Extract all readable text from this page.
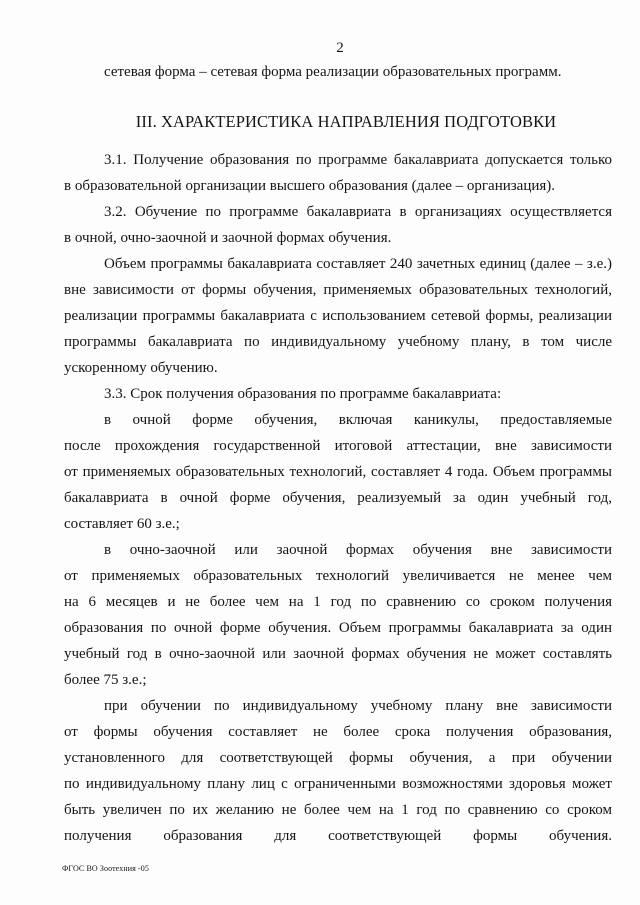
2
сетевая форма – сетевая форма реализации образовательных программ.
III. ХАРАКТЕРИСТИКА НАПРАВЛЕНИЯ ПОДГОТОВКИ
3.1. Получение образования по программе бакалавриата допускается только
в образовательной организации высшего образования (далее – организация).
3.2. Обучение по программе бакалавриата в организациях осуществляется
в очной, очно-заочной и заочной формах обучения.
Объем программы бакалавриата составляет 240 зачетных единиц (далее – з.е.)
вне зависимости от формы обучения, применяемых образовательных технологий,
реализации программы бакалавриата с использованием сетевой формы, реализации
программы бакалавриата по индивидуальному учебному плану, в том числе
ускоренному обучению.
3.3. Срок получения образования по программе бакалавриата:
в очной форме обучения, включая каникулы, предоставляемые
после прохождения государственной итоговой аттестации, вне зависимости
от применяемых образовательных технологий, составляет 4 года. Объем программы
бакалавриата в очной форме обучения, реализуемый за один учебный год,
составляет 60 з.е.;
в очно-заочной или заочной формах обучения вне зависимости
от применяемых образовательных технологий увеличивается не менее чем
на 6 месяцев и не более чем на 1 год по сравнению со сроком получения
образования по очной форме обучения. Объем программы бакалавриата за один
учебный год в очно-заочной или заочной формах обучения не может составлять
более 75 з.е.;
при обучении по индивидуальному учебному плану вне зависимости
от формы обучения составляет не более срока получения образования,
установленного для соответствующей формы обучения, а при обучении
по индивидуальному плану лиц с ограниченными возможностями здоровья может
быть увеличен по их желанию не более чем на 1 год по сравнению со сроком
получения образования для соответствующей формы обучения.
ФГОС ВО Зоотехния -05
